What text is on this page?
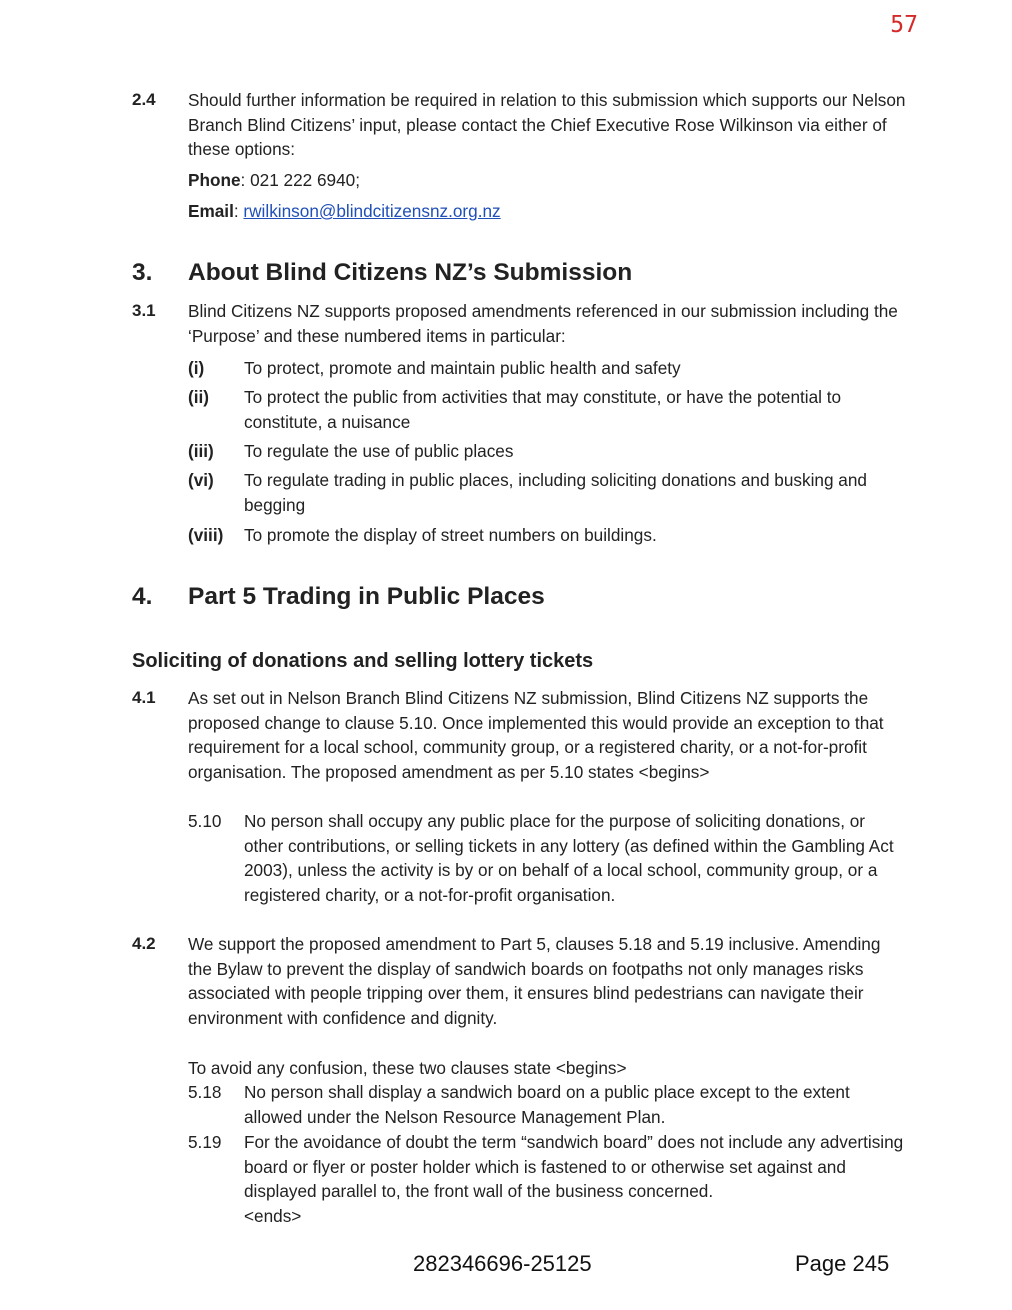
57
2.4 Should further information be required in relation to this submission which supports our Nelson Branch Blind Citizens’ input, please contact the Chief Executive Rose Wilkinson via either of these options:
Phone: 021 222 6940;
Email: rwilkinson@blindcitizensnz.org.nz
3. About Blind Citizens NZ’s Submission
3.1 Blind Citizens NZ supports proposed amendments referenced in our submission including the ‘Purpose’ and these numbered items in particular:
(i) To protect, promote and maintain public health and safety
(ii) To protect the public from activities that may constitute, or have the potential to constitute, a nuisance
(iii) To regulate the use of public places
(vi) To regulate trading in public places, including soliciting donations and busking and begging
(viii) To promote the display of street numbers on buildings.
4. Part 5 Trading in Public Places
Soliciting of donations and selling lottery tickets
4.1 As set out in Nelson Branch Blind Citizens NZ submission, Blind Citizens NZ supports the proposed change to clause 5.10. Once implemented this would provide an exception to that requirement for a local school, community group, or a registered charity, or a not-for-profit organisation. The proposed amendment as per 5.10 states <begins>
5.10 No person shall occupy any public place for the purpose of soliciting donations, or other contributions, or selling tickets in any lottery (as defined within the Gambling Act 2003), unless the activity is by or on behalf of a local school, community group, or a registered charity, or a not-for-profit organisation.
4.2 We support the proposed amendment to Part 5, clauses 5.18 and 5.19 inclusive. Amending the Bylaw to prevent the display of sandwich boards on footpaths not only manages risks associated with people tripping over them, it ensures blind pedestrians can navigate their environment with confidence and dignity.
To avoid any confusion, these two clauses state <begins>
5.18 No person shall display a sandwich board on a public place except to the extent allowed under the Nelson Resource Management Plan.
5.19 For the avoidance of doubt the term “sandwich board” does not include any advertising board or flyer or poster holder which is fastened to or otherwise set against and displayed parallel to, the front wall of the business concerned.
<ends>
282346696-25125	Page 245
